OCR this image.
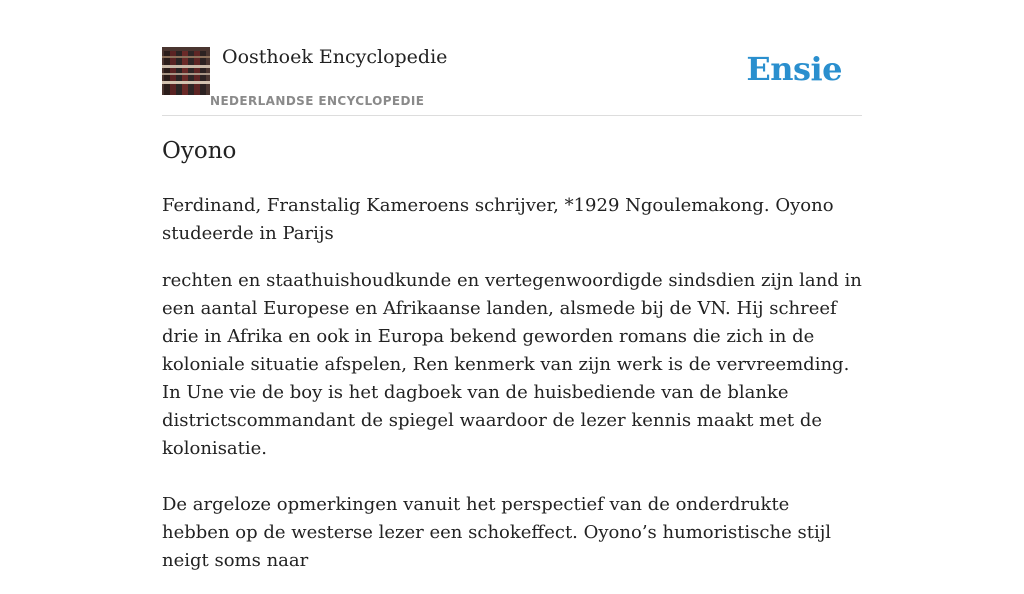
Oosthoek Encyclopedie
NEDERLANDSE ENCYCLOPEDIE
Ensie
Oyono

Ferdinand, Franstalig Kameroens schrijver, *1929 Ngoulemakong. Oyono studeerde in Parijs

rechten en staathuishoudkunde en vertegenwoordigde sindsdien zijn land in een aantal Europese en Afrikaanse landen, alsmede bij de VN. Hij schreef drie in Afrika en ook in Europa bekend geworden romans die zich in de koloniale situatie afspelen, Ren kenmerk van zijn werk is de vervreemding. In Une vie de boy is het dagboek van de huisbediende van de blanke districtscommandant de spiegel waardoor de lezer kennis maakt met de kolonisatie.

De argeloze opmerkingen vanuit het perspectief van de onderdrukte hebben op de westerse lezer een schokeffect. Oyono’s humoristische stijl neigt soms naar
